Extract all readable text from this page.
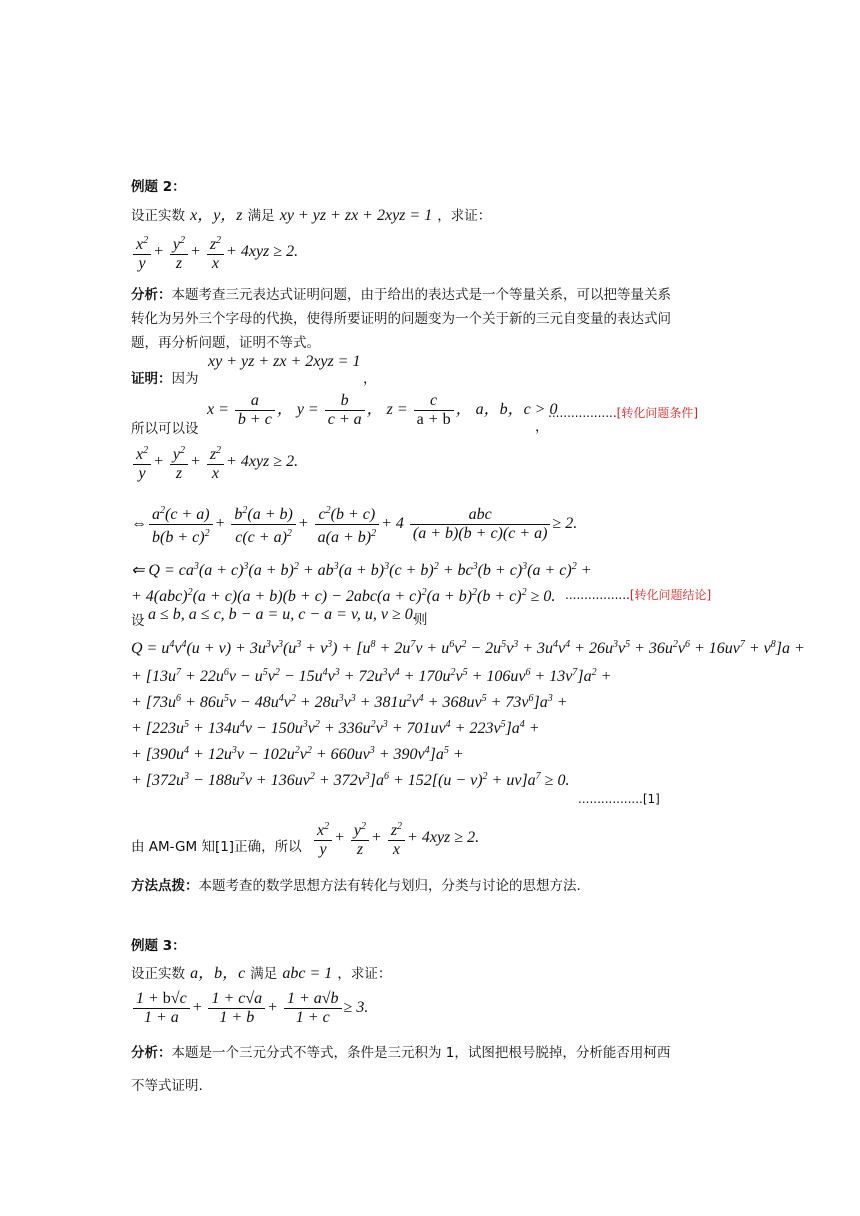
例题 2：
设正实数 x，y，z 满足 xy + yz + zx + 2xyz = 1 ，求证：
$\frac{x^2}{y} + \frac{y^2}{z} + \frac{z^2}{x} + 4xyz \ge 2$.
分析：本题考查三元表达式证明问题，由于给出的表达式是一个等量关系，可以把等量关系
转化为另外三个字母的代换，使得所要证明的问题变为一个关于新的三元自变量的表达式问
题，再分析问题，证明不等式。
xy + yz + zx + 2xyz = 1
证明：因为	，
$x = \frac{a}{b + c}$ ， $y = \frac{b}{c + a}$ ， $z = \frac{c}{a + b}$ ， a，b，c > 0
所以可以设	，
..................[转化问题条件]
$\frac{x^2}{y} + \frac{y^2}{z} + \frac{z^2}{x} + 4xyz \ge 2$.
⇔ $\frac{a^2(c + a)}{b(b + c)^2} + \frac{b^2(a + b)}{c(c + a)^2} + \frac{c^2(b + c)}{a(a + b)^2} + 4 \frac{\text{abc}}{(a + b)(b + c)(c + a)} \ge 2$.
⇐ $Q = ca^3(a + c)^3(a + b)^2 + ab^3(a + b)^3(c + b)^2 + bc^3(b + c)^3(a + c)^2$ +
+ $4(abc)^2(a + c)(a + b)(b + c) - 2abc(a + c)^2(a + b)^2(b + c)^2 \ge 0$. .................[转化问题结论]
设 a ≤ b, a ≤ c, b − a = u, c − a = v, u, v ≥ 0.
则
$Q = u^4v^4(u + v) + 3u^3v^3(u^3 + v^3) + [u^8 + 2u^7v + u^6v^2 - 2u^5v^3 + 3u^4v^4 + 26u^3v^5 + 36u^2v^6 + 16uv^7 + v^8]a$ +
+ $[13u^7 + 22u^6v - u^5v^2 - 15u^4v^3 + 72u^3v^4 + 170u^2v^5 + 106uv^6 + 13v^7]a^2$ +
+ $[73u^6 + 86u^5v - 48u^4v^2 + 28u^3v^3 + 381u^2v^4 + 368uv^5 + 73v^6]a^3$ +
+ $[223u^5 + 134u^4v - 150u^3v^2 + 336u^2v^3 + 701uv^4 + 223v^5]a^4$ +
+ $[390u^4 + 12u^3v - 102u^2v^2 + 660uv^3 + 390v^4]a^5$ +
+ $[372u^3 - 188u^2v + 136uv^2 + 372v^3]a^6 + 152[(u - v)^2 + uv]a^7 \ge 0$.
.................[1]
$\frac{x^2}{y} + \frac{y^2}{z} + \frac{z^2}{x} + 4xyz \ge 2$.
由 AM-GM 知[1]正确，所以
方法点拨：本题考查的数学思想方法有转化与划归，分类与讨论的思想方法.
例题 3：
设正实数 a，b，c 满足 abc = 1 ，求证：
$\frac{1 + b√c}{1 + a} + \frac{1 + c√a}{1 + b} + \frac{1 + a√b}{1 + c} \ge 3$.
分析：本题是一个三元分式不等式，条件是三元积为 1，试图把根号脱掉，分析能否用柯西
不等式证明.
